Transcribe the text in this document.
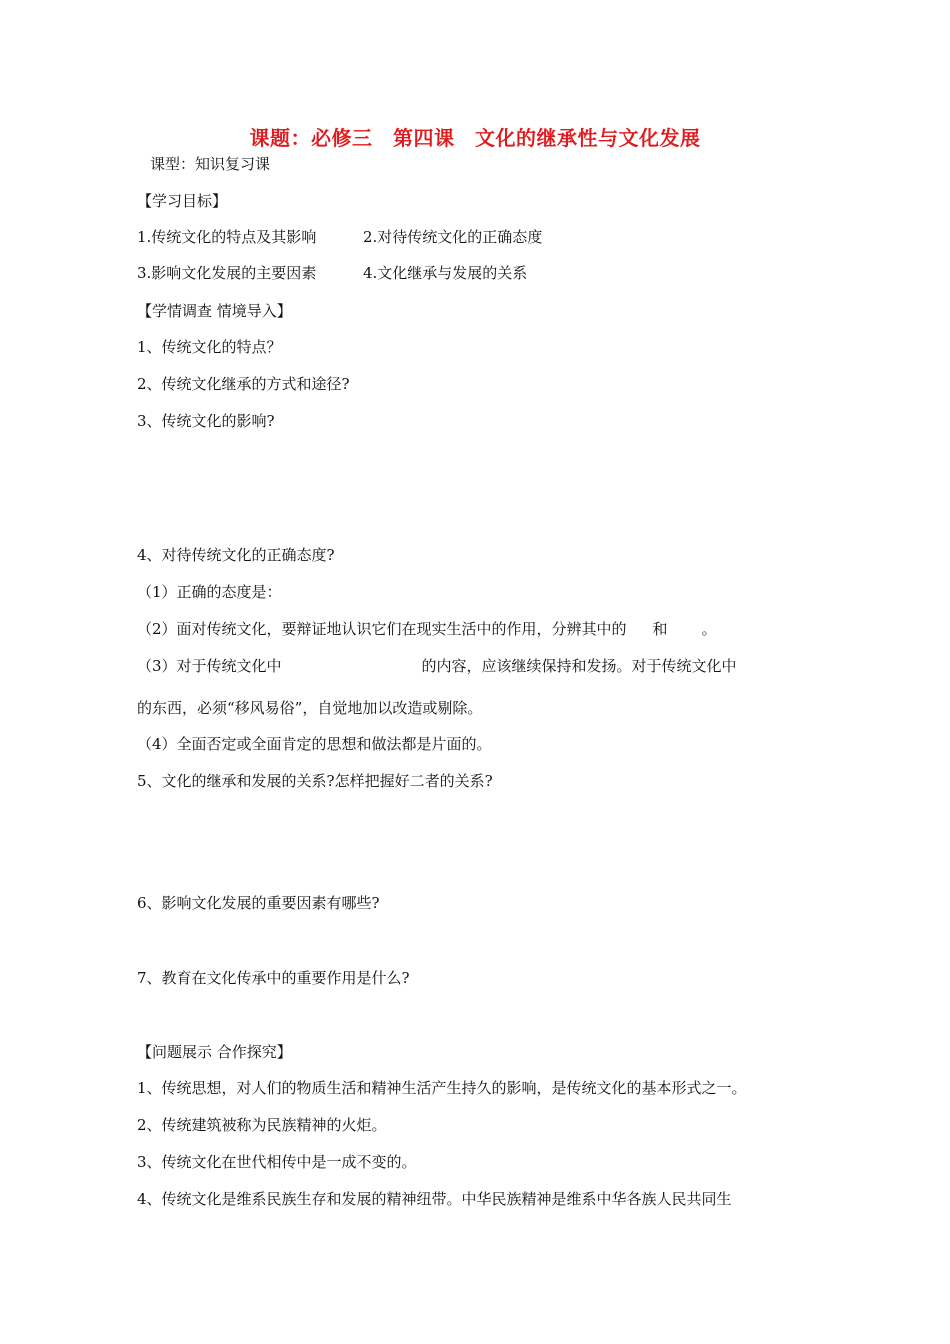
课题：必修三　第四课　文化的继承性与文化发展
课型：知识复习课
【学习目标】
1.传统文化的特点及其影响	2.对待传统文化的正确态度
3.影响文化发展的主要因素	4.文化继承与发展的关系
【学情调查 情境导入】
1、传统文化的特点？
2、传统文化继承的方式和途径?
3、传统文化的影响?
4、对待传统文化的正确态度?
（1）正确的态度是：
（2）面对传统文化，要辩证地认识它们在现实生活中的作用，分辨其中的 和 。
（3）对于传统文化中	的内容，应该继续保持和发扬。对于传统文化中
的东西，必须“移风易俗”，自觉地加以改造或剔除。
（4）全面否定或全面肯定的思想和做法都是片面的。
5、文化的继承和发展的关系?怎样把握好二者的关系?
6、影响文化发展的重要因素有哪些?
7、教育在文化传承中的重要作用是什么?
【问题展示 合作探究】
1、传统思想，对人们的物质生活和精神生活产生持久的影响，是传统文化的基本形式之一。
2、传统建筑被称为民族精神的火炬。
3、传统文化在世代相传中是一成不变的。
4、传统文化是维系民族生存和发展的精神纽带。中华民族精神是维系中华各族人民共同生
